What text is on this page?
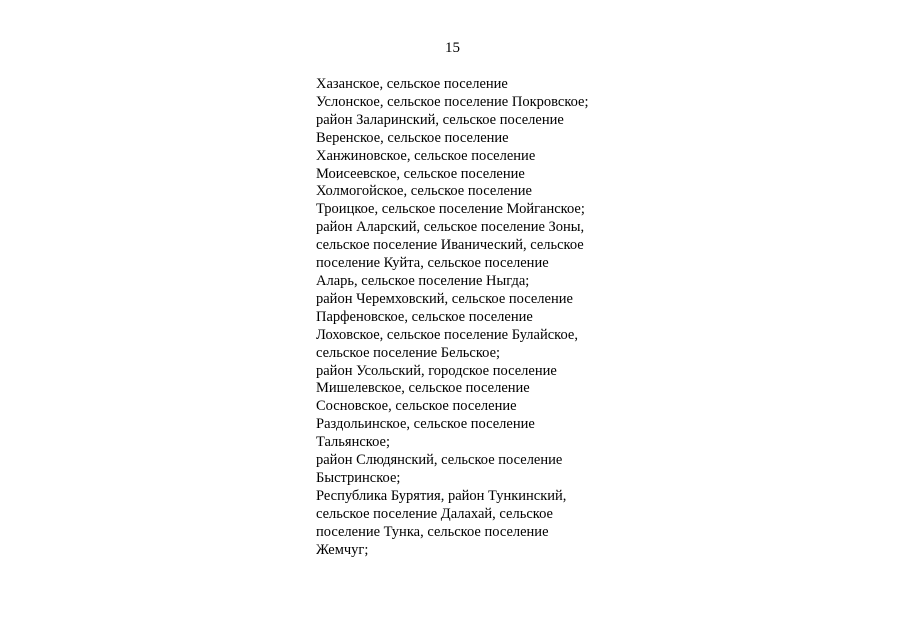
15
Хазанское, сельское поселение
Услонское, сельское поселение Покровское;
район Заларинский, сельское поселение
Веренское, сельское поселение
Ханжиновское, сельское поселение
Моисеевское, сельское поселение
Холмогойское, сельское поселение
Троицкое, сельское поселение Мойганское;
район Аларский, сельское поселение Зоны,
сельское поселение Иванический, сельское
поселение Куйта, сельское поселение
Аларь, сельское поселение Ныгда;
район Черемховский, сельское поселение
Парфеновское, сельское поселение
Лоховское, сельское поселение Булайское,
сельское поселение Бельское;
район Усольский, городское поселение
Мишелевское, сельское поселение
Сосновское, сельское поселение
Раздольинское, сельское поселение
Тальянское;
район Слюдянский, сельское поселение
Быстринское;
Республика Бурятия, район Тункинский,
сельское поселение Далахай, сельское
поселение Тунка, сельское поселение
Жемчуг;
